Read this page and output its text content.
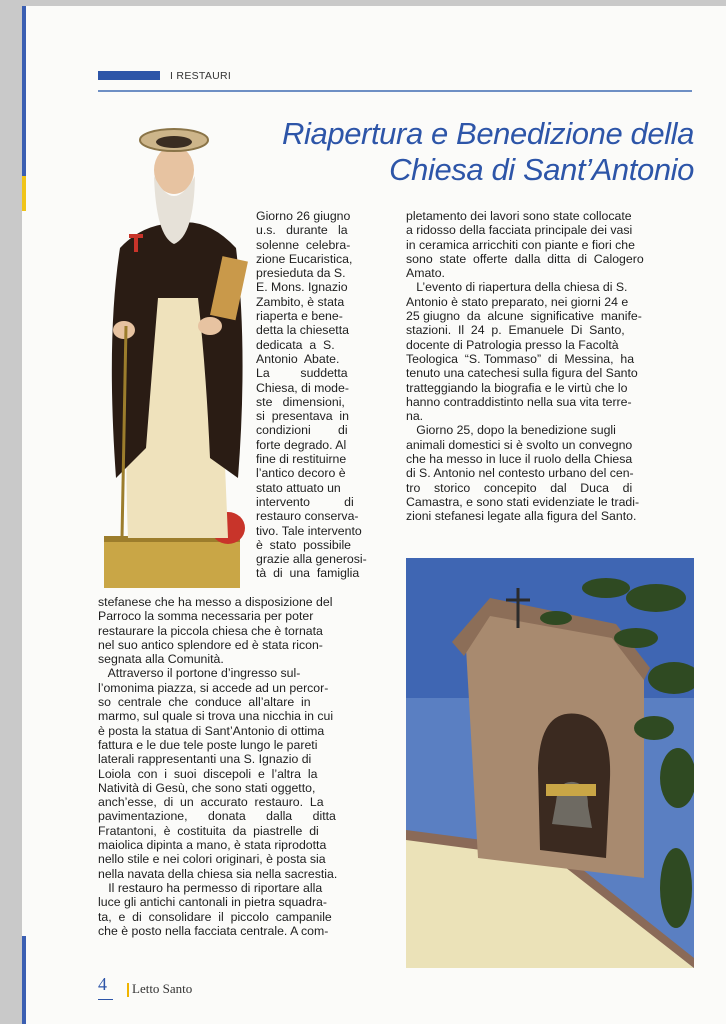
I RESTAURI
Riapertura e Benedizione della
Chiesa di Sant’Antonio
Giorno 26 giugno
u.s.   durante   la
solenne  celebra-
zione Eucaristica,
presieduta da S.
E. Mons. Ignazio
Zambito, è stata
riaperta e bene-
detta la chiesetta
dedicata  a  S.
Antonio  Abate.
La         suddetta
Chiesa, di mode-
ste   dimensioni,
si  presentava  in
condizioni        di
forte degrado. Al
fine di restituirne
l’antico decoro è
stato attuato un
intervento          di
restauro conserva-
tivo. Tale intervento
è  stato  possibile
grazie alla generosi-
tà  di  una  famiglia
stefanese che ha messo a disposizione del
Parroco la somma necessaria per poter
restaurare la piccola chiesa che è tornata
nel suo antico splendore ed è stata ricon-
segnata alla Comunità.
Attraverso il portone d’ingresso sul-
l’omonima piazza, si accede ad un percor-
so  centrale  che  conduce  all’altare  in
marmo, sul quale si trova una nicchia in cui
è posta la statua di Sant’Antonio di ottima
fattura e le due tele poste lungo le pareti
laterali rappresentanti una S. Ignazio di
Loiola  con  i  suoi  discepoli  e  l’altra  la
Natività di Gesù, che sono stati oggetto,
anch’esse,  di  un  accurato  restauro.  La
pavimentazione,      donata      dalla      ditta
Fratantoni,  è  costituita  da  piastrelle  di
maiolica dipinta a mano, è stata riprodotta
nello stile e nei colori originari, è posta sia
nella navata della chiesa sia nella sacrestia.
Il restauro ha permesso di riportare alla
luce gli antichi cantonali in pietra squadra-
ta,  e  di  consolidare  il  piccolo  campanile
che è posto nella facciata centrale. A com-
pletamento dei lavori sono state collocate
a ridosso della facciata principale dei vasi
in ceramica arricchiti con piante e fiori che
sono  state  offerte  dalla  ditta  di  Calogero
Amato.
L’evento di riapertura della chiesa di S.
Antonio è stato preparato, nei giorni 24 e
25 giugno  da  alcune  significative  manife-
stazioni.  Il  24  p.  Emanuele  Di  Santo,
docente di Patrologia presso la Facoltà
Teologica  “S. Tommaso”  di  Messina,  ha
tenuto una catechesi sulla figura del Santo
tratteggiando la biografia e le virtù che lo
hanno contraddistinto nella sua vita terre-
na.
Giorno 25, dopo la benedizione sugli
animali domestici si è svolto un convegno
che ha messo in luce il ruolo della Chiesa
di S. Antonio nel contesto urbano del cen-
tro    storico    concepito    dal    Duca    di
Camastra, e sono stati evidenziate le tradi-
zioni stefanesi legate alla figura del Santo.
4 Letto Santo
